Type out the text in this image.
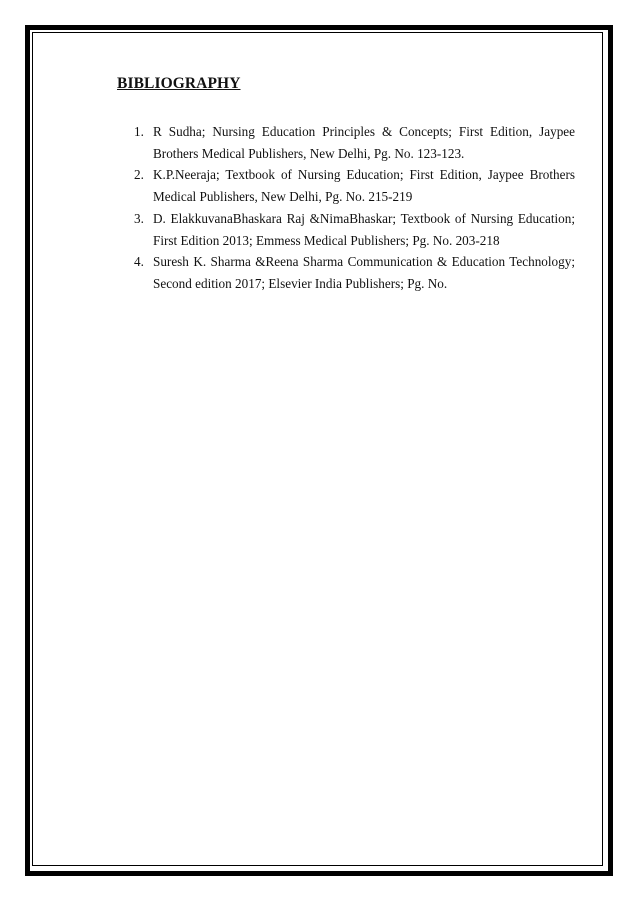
BIBLIOGRAPHY
1. R Sudha; Nursing Education Principles & Concepts; First Edition, Jaypee Brothers Medical Publishers, New Delhi, Pg. No. 123-123.
2. K.P.Neeraja; Textbook of Nursing Education; First Edition, Jaypee Brothers Medical Publishers, New Delhi, Pg. No. 215-219
3. D. ElakkuvanaBhaskara Raj &NimaBhaskar; Textbook of Nursing Education; First Edition 2013; Emmess Medical Publishers; Pg. No. 203-218
4. Suresh K. Sharma &Reena Sharma Communication & Education Technology; Second edition 2017; Elsevier India Publishers; Pg. No.
